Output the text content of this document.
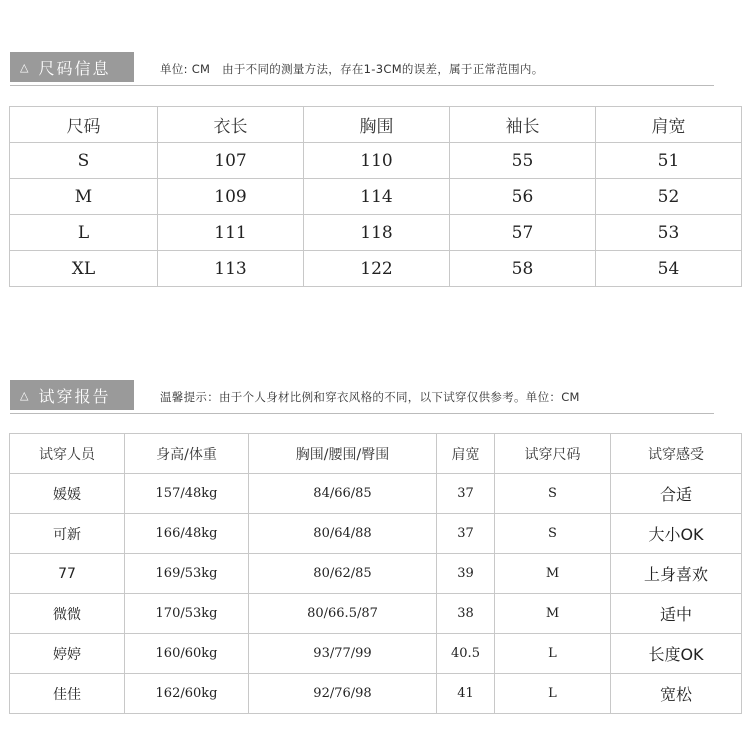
△ 尺码信息	单位: CM　由于不同的测量方法，存在1-3CM的误差，属于正常范围内。
尺码	衣长	胸围	袖长	肩宽
S	107	110	55	51
M	109	114	56	52
L	111	118	57	53
XL	113	122	58	54
△ 试穿报告	温馨提示：由于个人身材比例和穿衣风格的不同，以下试穿仅供参考。单位：CM
试穿人员	身高/体重	胸围/腰围/臀围	肩宽	试穿尺码	试穿感受
媛媛	157/48kg	84/66/85	37	S	合适
可新	166/48kg	80/64/88	37	S	大小OK
77	169/53kg	80/62/85	39	M	上身喜欢
微微	170/53kg	80/66.5/87	38	M	适中
婷婷	160/60kg	93/77/99	40.5	L	长度OK
佳佳	162/60kg	92/76/98	41	L	宽松
